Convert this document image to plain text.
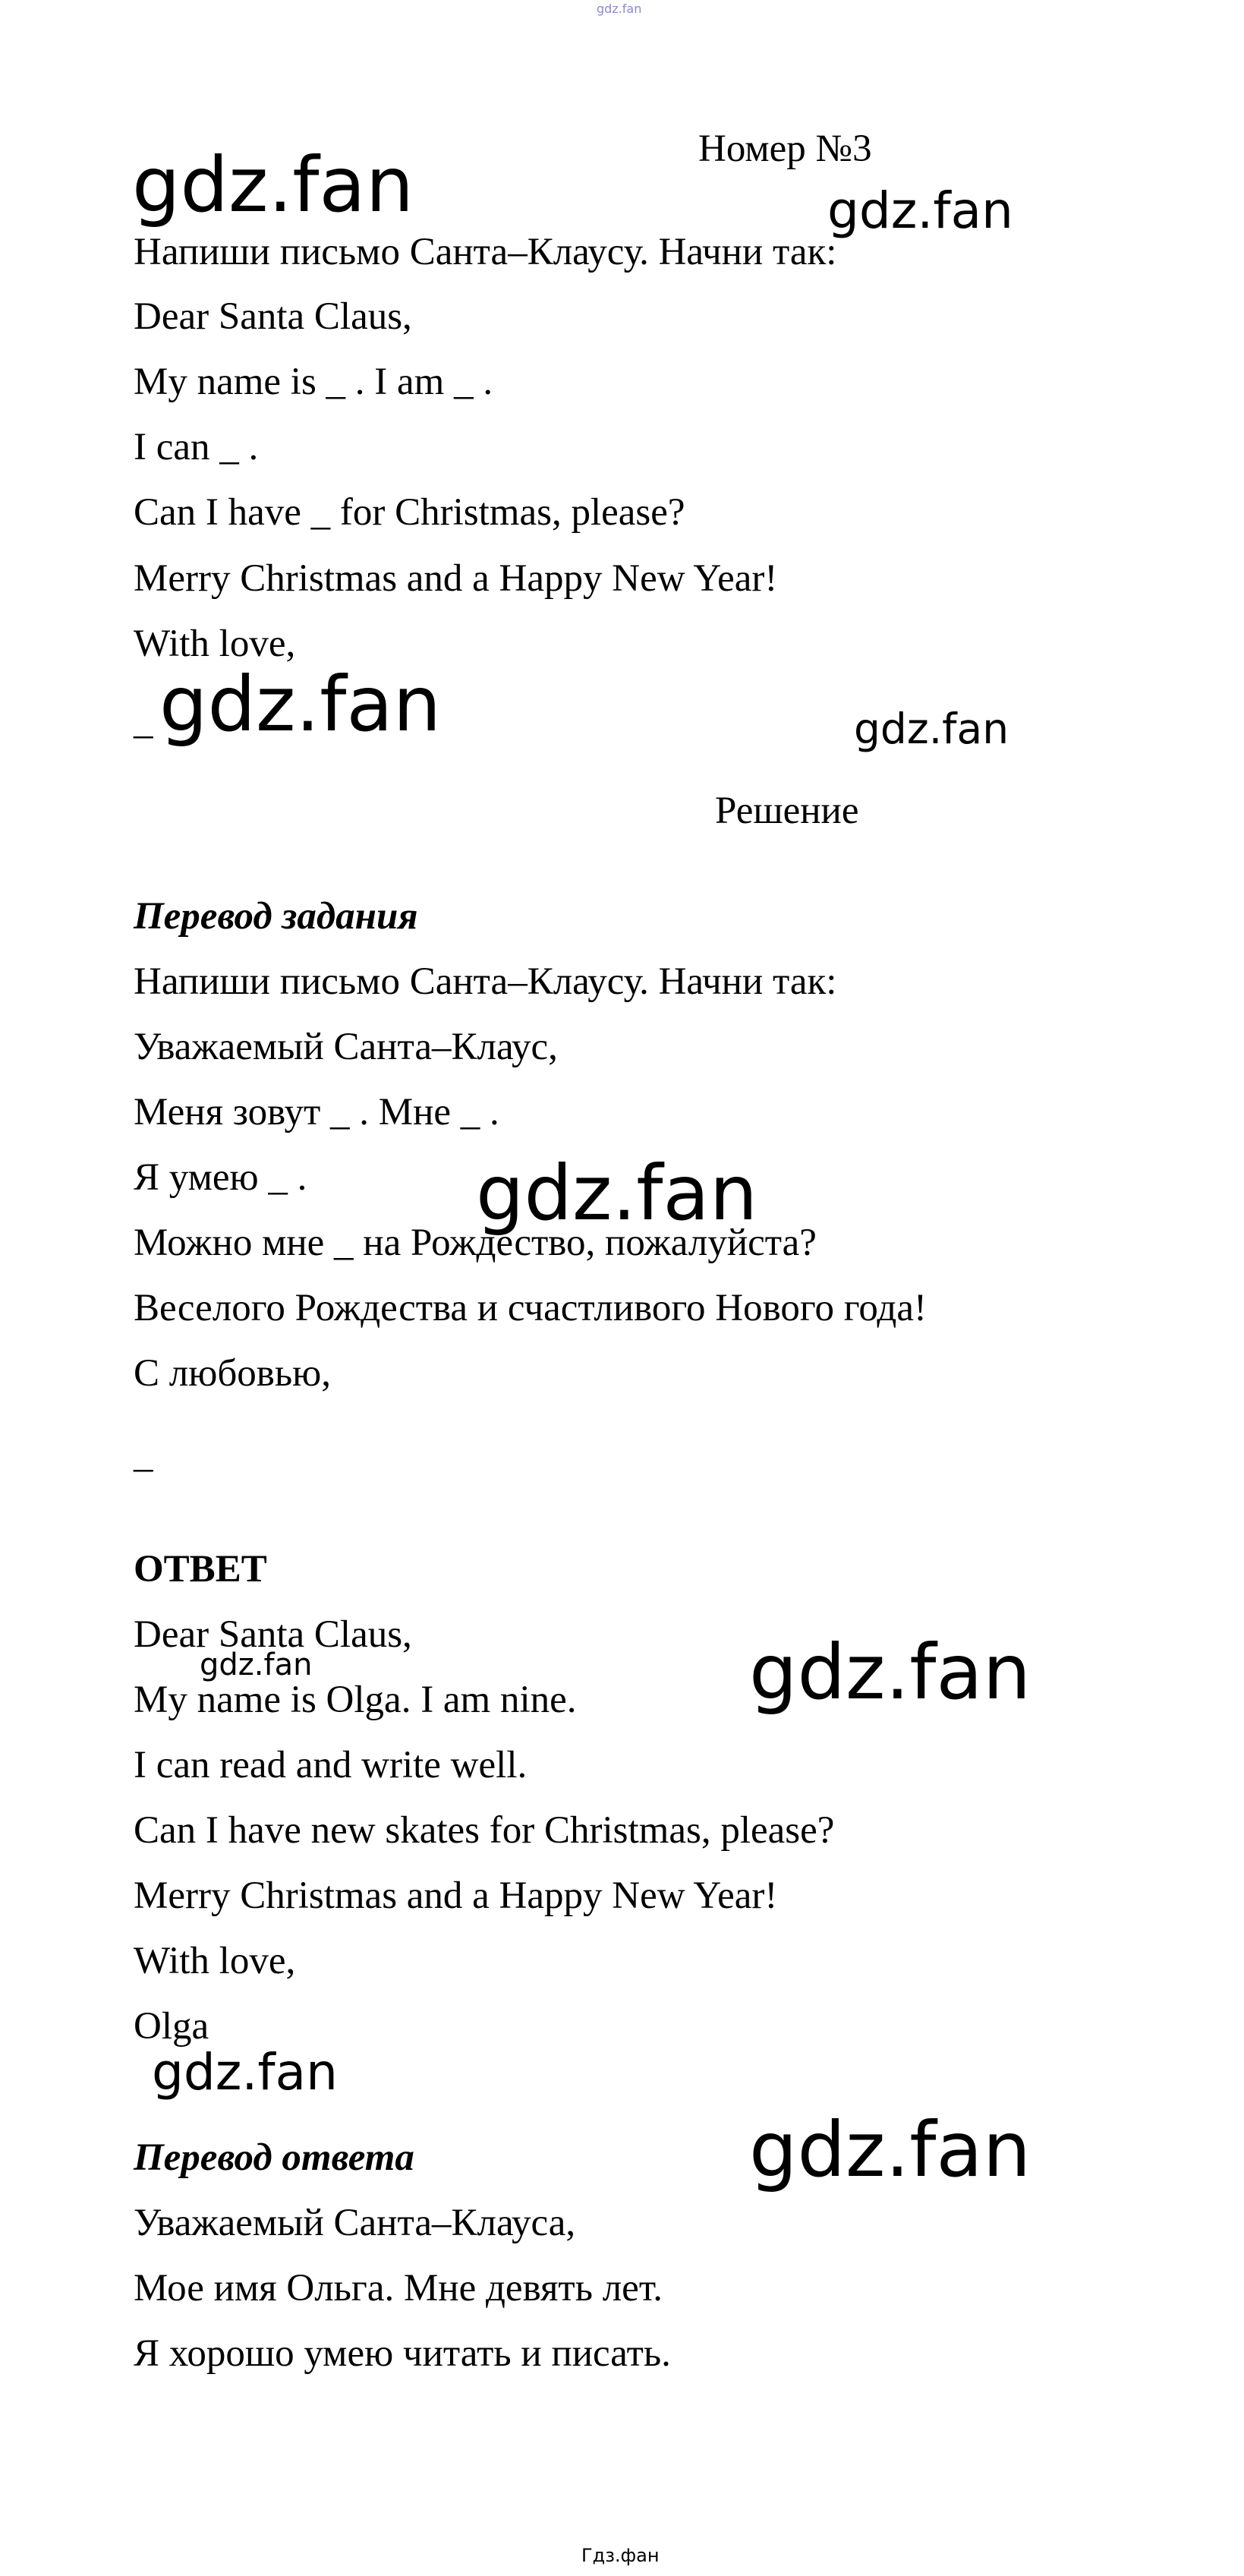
gdz.fan
Номер №3
Напиши письмо Санта–Клаусу. Начни так:
Dear Santa Claus,
My name is _ . I am _ .
I can _ .
Can I have _ for Christmas, please?
Merry Christmas and a Happy New Year!
With love,
_
Решение
Перевод задания
Напиши письмо Санта–Клаусу. Начни так:
Уважаемый Санта–Клаус,
Меня зовут _ . Мне _ .
Я умею _ .
Можно мне _ на Рождество, пожалуйста?
Веселого Рождества и счастливого Нового года!
С любовью,
_
ОТВЕТ
Dear Santa Claus,
My name is Olga. I am nine.
I can read and write well.
Can I have new skates for Christmas, please?
Merry Christmas and a Happy New Year!
With love,
Olga
Перевод ответа
Уважаемый Санта–Клауса,
Мое имя Ольга. Мне девять лет.
Я хорошо умею читать и писать.
gdz.fan	gdz.fan
gdz.fan	gdz.fan
gdz.fan
gdz.fan
gdz.fan
gdz.fan
gdz.fan
Гдз.фан
